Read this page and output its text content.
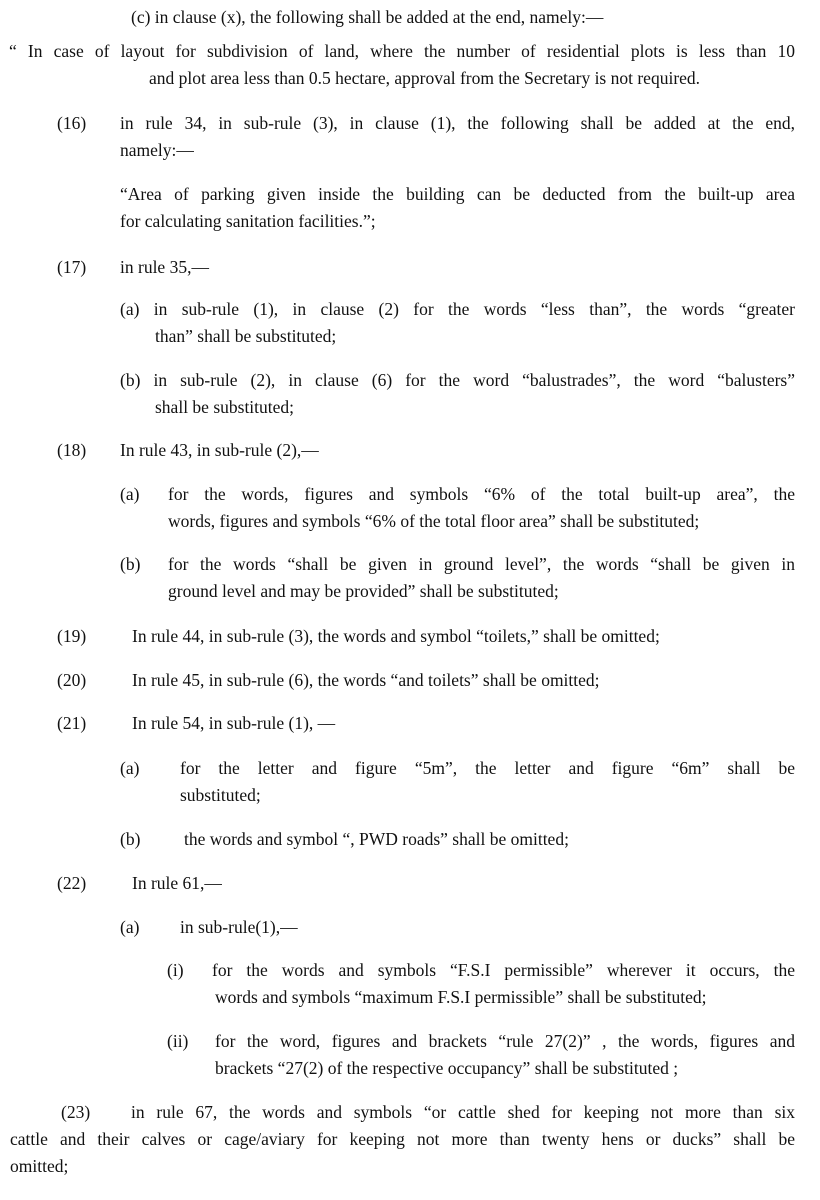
(c) in clause (x), the following shall be added at the end, namely:—
“ In case of layout for subdivision of land, where the number of residential plots is less than 10
and plot area less than 0.5 hectare, approval from the Secretary is not required.
(16) in rule 34, in sub-rule (3), in clause (1), the following shall be added at the end,
namely:—
“Area of parking given inside the building can be deducted from the built-up area
for calculating sanitation facilities.”;
(17) in rule 35,—
(a) in sub-rule (1), in clause (2) for the words “less than”, the words “greater
than” shall be substituted;
(b) in sub-rule (2), in clause (6) for the word “balustrades”, the word “balusters”
shall be substituted;
(18) In rule 43, in sub-rule (2),—
(a) for the words, figures and symbols “6% of the total built-up area”, the
words, figures and symbols “6% of the total floor area” shall be substituted;
(b) for the words “shall be given in ground level”, the words “shall be given in
ground level and may be provided” shall be substituted;
(19)	In rule 44, in sub-rule (3), the words and symbol “toilets,” shall be omitted;
(20)	In rule 45, in sub-rule (6), the words “and toilets” shall be omitted;
(21)	In rule 54, in sub-rule (1), —
(a) for the letter and figure “5m”, the letter and figure “6m” shall be
substituted;
(b) the words and symbol “, PWD roads” shall be omitted;
(22)	In rule 61,—
(a) in sub-rule(1),—
(i) for the words and symbols “F.S.I permissible” wherever it occurs, the
words and symbols “maximum F.S.I permissible” shall be substituted;
(ii) for the word, figures and brackets “rule 27(2)” , the words, figures and
brackets “27(2) of the respective occupancy” shall be substituted ;
(23) in rule 67, the words and symbols “or cattle shed for keeping not more than six
cattle and their calves or cage/aviary for keeping not more than twenty hens or ducks” shall be
omitted;
